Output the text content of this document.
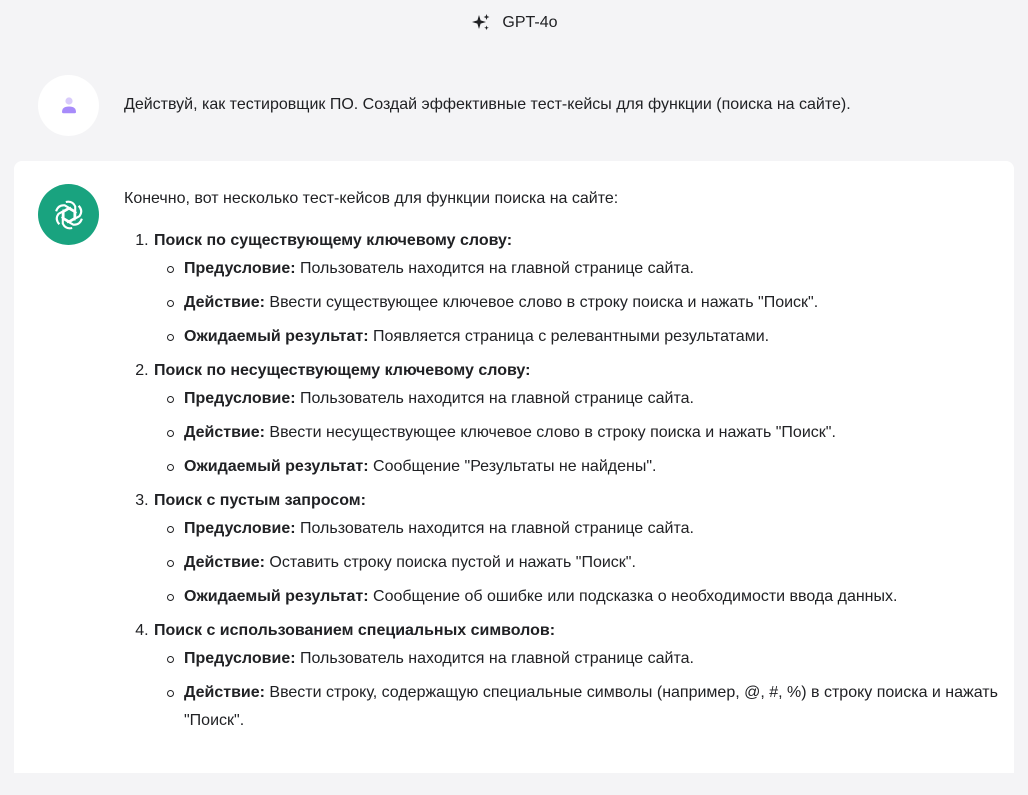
GPT-4o
Действуй, как тестировщик ПО. Создай эффективные тест-кейсы для функции (поиска на сайте).

Конечно, вот несколько тест-кейсов для функции поиска на сайте:

1. Поиск по существующему ключевому слову:
Предусловие: Пользователь находится на главной странице сайта.
Действие: Ввести существующее ключевое слово в строку поиска и нажать "Поиск".
Ожидаемый результат: Появляется страница с релевантными результатами.
2. Поиск по несуществующему ключевому слову:
Предусловие: Пользователь находится на главной странице сайта.
Действие: Ввести несуществующее ключевое слово в строку поиска и нажать "Поиск".
Ожидаемый результат: Сообщение "Результаты не найдены".
3. Поиск с пустым запросом:
Предусловие: Пользователь находится на главной странице сайта.
Действие: Оставить строку поиска пустой и нажать "Поиск".
Ожидаемый результат: Сообщение об ошибке или подсказка о необходимости ввода данных.
4. Поиск с использованием специальных символов:
Предусловие: Пользователь находится на главной странице сайта.
Действие: Ввести строку, содержащую специальные символы (например, @, #, %) в строку поиска и нажать "Поиск".
